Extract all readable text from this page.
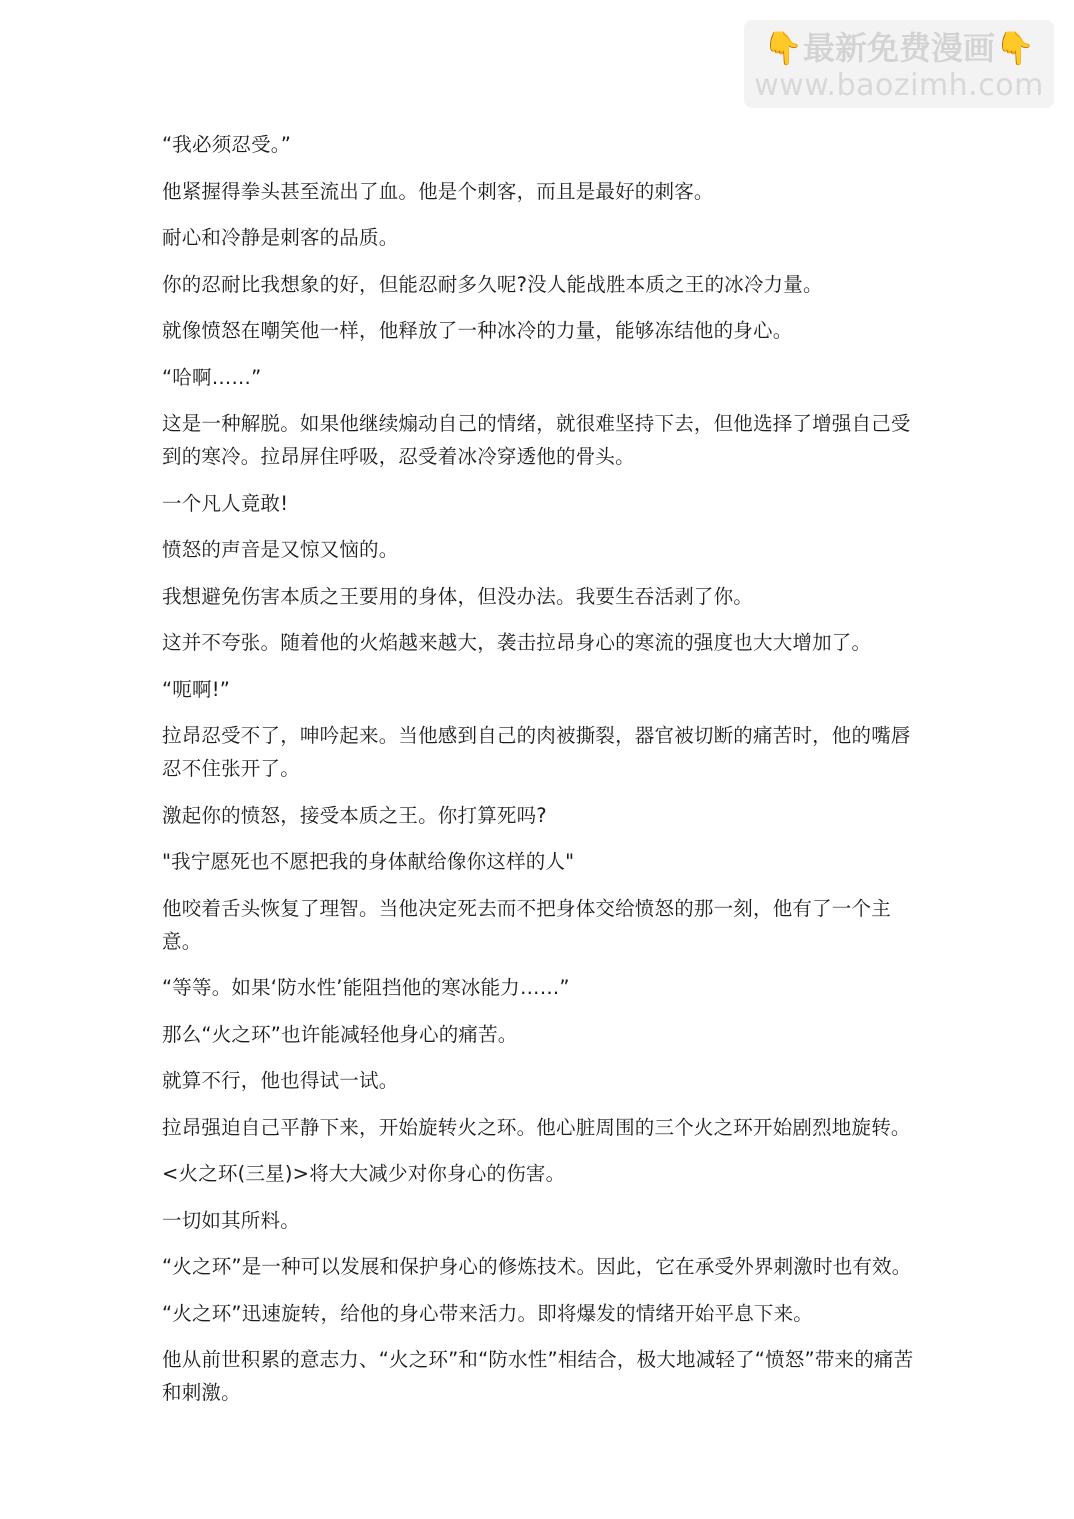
👇最新免费漫画👇
www.baozimh.com

“我必须忍受。”

他紧握得拳头甚至流出了血。他是个刺客，而且是最好的刺客。

耐心和冷静是刺客的品质。

你的忍耐比我想象的好，但能忍耐多久呢?没人能战胜本质之王的冰冷力量。

就像愤怒在嘲笑他一样，他释放了一种冰冷的力量，能够冻结他的身心。

“哈啊……”

这是一种解脱。如果他继续煽动自己的情绪，就很难坚持下去，但他选择了增强自己受到的寒冷。拉昂屏住呼吸，忍受着冰冷穿透他的骨头。

一个凡人竟敢!

愤怒的声音是又惊又恼的。

我想避免伤害本质之王要用的身体，但没办法。我要生吞活剥了你。

这并不夸张。随着他的火焰越来越大，袭击拉昂身心的寒流的强度也大大增加了。

“呃啊!”

拉昂忍受不了，呻吟起来。当他感到自己的肉被撕裂，器官被切断的痛苦时，他的嘴唇忍不住张开了。

激起你的愤怒，接受本质之王。你打算死吗?

"我宁愿死也不愿把我的身体献给像你这样的人"

他咬着舌头恢复了理智。当他决定死去而不把身体交给愤怒的那一刻，他有了一个主意。

“等等。如果‘防水性’能阻挡他的寒冰能力……”

那么“火之环”也许能减轻他身心的痛苦。

就算不行，他也得试一试。

拉昂强迫自己平静下来，开始旋转火之环。他心脏周围的三个火之环开始剧烈地旋转。

<火之环(三星)>将大大减少对你身心的伤害。

一切如其所料。

“火之环”是一种可以发展和保护身心的修炼技术。因此，它在承受外界刺激时也有效。

“火之环”迅速旋转，给他的身心带来活力。即将爆发的情绪开始平息下来。

他从前世积累的意志力、“火之环”和“防水性”相结合，极大地减轻了“愤怒”带来的痛苦和刺激。
